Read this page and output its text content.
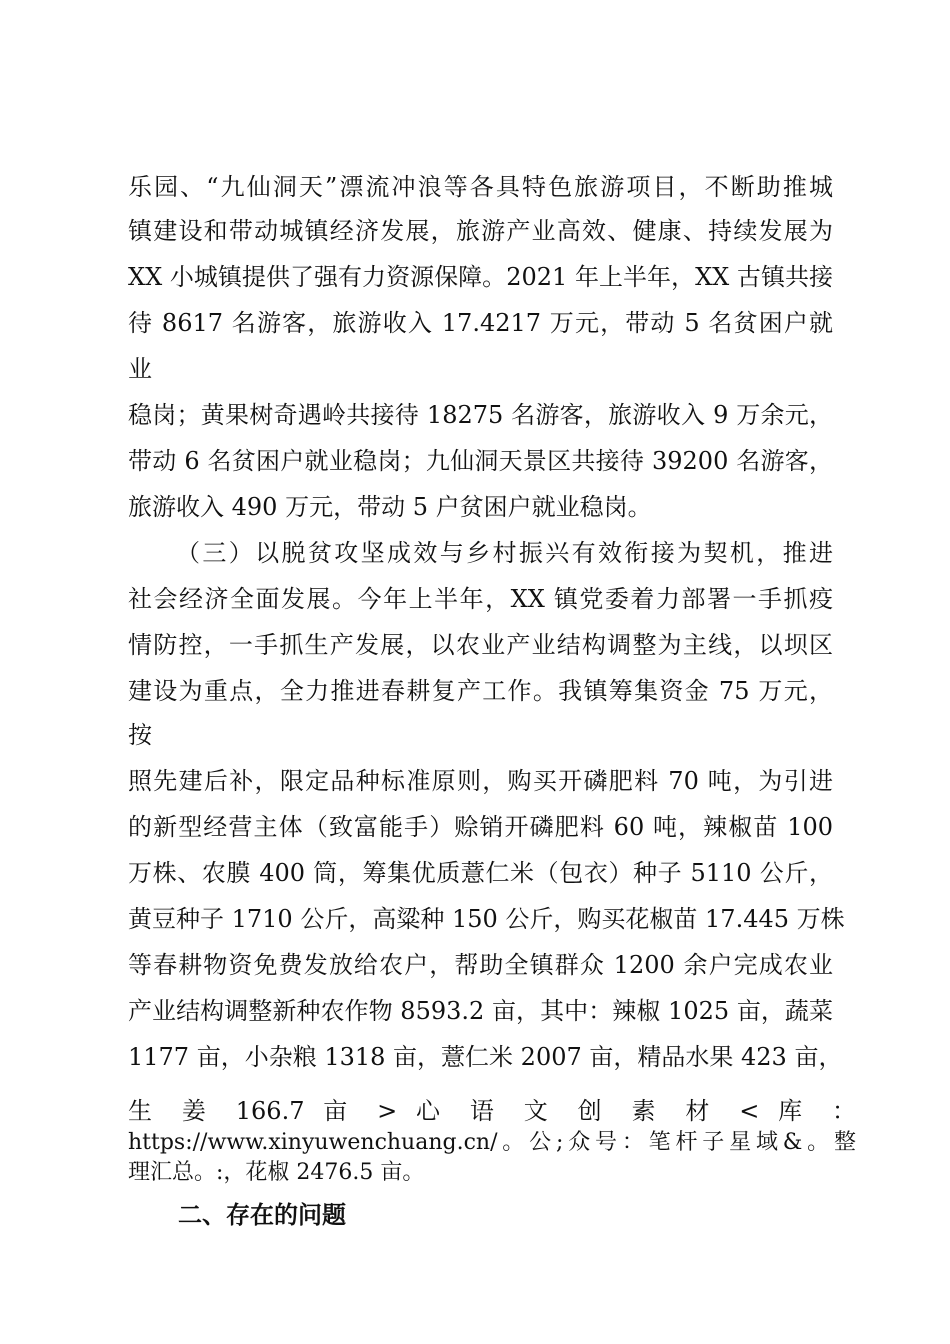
乐园、“九仙洞天”漂流冲浪等各具特色旅游项目，不断助推城
镇建设和带动城镇经济发展，旅游产业高效、健康、持续发展为
XX 小城镇提供了强有力资源保障。2021 年上半年，XX 古镇共接
待 8617 名游客，旅游收入 17.4217 万元，带动 5 名贫困户就
业
稳岗；黄果树奇遇岭共接待 18275 名游客，旅游收入 9 万余元，
带动 6 名贫困户就业稳岗；九仙洞天景区共接待 39200 名游客，
旅游收入 490 万元，带动 5 户贫困户就业稳岗。
（三）以脱贫攻坚成效与乡村振兴有效衔接为契机，推进
社会经济全面发展。今年上半年，XX 镇党委着力部署一手抓疫
情防控，一手抓生产发展，以农业产业结构调整为主线，以坝区
建设为重点，全力推进春耕复产工作。我镇筹集资金 75 万元，
按
照先建后补，限定品种标准原则，购买开磷肥料 70 吨，为引进
的新型经营主体（致富能手）赊销开磷肥料 60 吨，辣椒苗 100
万株、农膜 400 筒，筹集优质薏仁米（包衣）种子 5110 公斤，
黄豆种子 1710 公斤，高粱种 150 公斤，购买花椒苗 17.445 万株
等春耕物资免费发放给农户，帮助全镇群众 1200 余户完成农业
产业结构调整新种农作物 8593.2 亩，其中：辣椒 1025 亩，蔬菜
1177 亩，小杂粮 1318 亩，薏仁米 2007 亩，精品水果 423 亩，
生 姜 166.7 亩 > 心 语 文 创 素 材 < 库 ：
https://www.xinyuwenchuang.cn/。公;众号：笔杆子星域&。整
理汇总。:，花椒 2476.5 亩。
二、存在的问题
